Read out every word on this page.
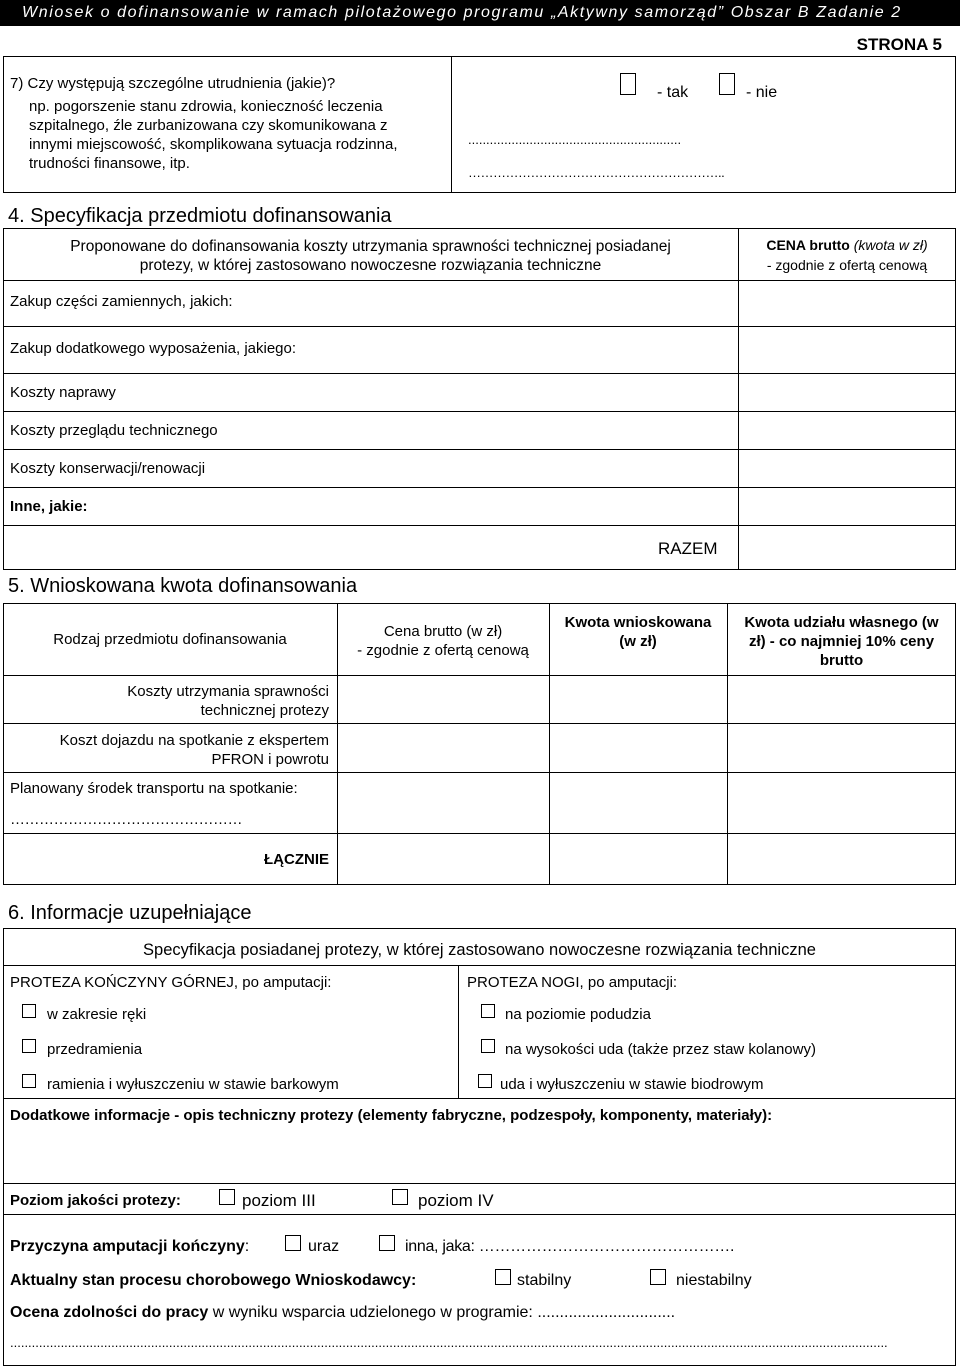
Wniosek o dofinansowanie w ramach pilotażowego programu „Aktywny samorząd” Obszar B Zadanie 2
STRONA 5
7) Czy występują szczególne utrudnienia (jakie)?
np. pogorszenie stanu zdrowia, konieczność leczenia
szpitalnego, źle zurbanizowana czy skomunikowana z
innymi miejscowość, skomplikowana sytuacja rodzinna,
trudności finansowe, itp.
- tak	- nie
...........................................................
……………………………………………………..
4. Specyfikacja przedmiotu dofinansowania
Proponowane do dofinansowania koszty utrzymania sprawności technicznej posiadanej
protezy, w której zastosowano nowoczesne rozwiązania techniczne
CENA brutto (kwota w zł)
- zgodnie z ofertą cenową
Zakup części zamiennych, jakich:
Zakup dodatkowego wyposażenia, jakiego:
Koszty naprawy
Koszty przeglądu technicznego
Koszty konserwacji/renowacji
Inne, jakie:
RAZEM
5. Wnioskowana kwota dofinansowania
Rodzaj przedmiotu dofinansowania	Cena brutto (w zł)
- zgodnie z ofertą cenową
Kwota wnioskowana
(w zł)
Kwota udziału własnego (w
zł) - co najmniej 10% ceny
brutto
Koszty utrzymania sprawności
technicznej protezy
Koszt dojazdu na spotkanie z ekspertem
PFRON i powrotu
Planowany środek transportu na spotkanie:
…………………………………………
ŁĄCZNIE
6. Informacje uzupełniające
Specyfikacja posiadanej protezy, w której zastosowano nowoczesne rozwiązania techniczne
PROTEZA KOŃCZYNY GÓRNEJ, po amputacji:
w zakresie ręki
przedramienia
ramienia i wyłuszczeniu w stawie barkowym
PROTEZA NOGI, po amputacji:
na poziomie podudzia
na wysokości uda (także przez staw kolanowy)
uda i wyłuszczeniu w stawie biodrowym
Dodatkowe informacje - opis techniczny protezy (elementy fabryczne, podzespoły, komponenty, materiały):
Poziom jakości protezy:	poziom III	poziom IV
Przyczyna amputacji kończyny:	uraz	inna, jaka: ………………………………………….
Aktualny stan procesu chorobowego Wnioskodawcy:	stabilny	niestabilny
Ocena zdolności do pracy w wyniku wsparcia udzielonego w programie: ...............................
...................................................................................................................................................................................................................................................
